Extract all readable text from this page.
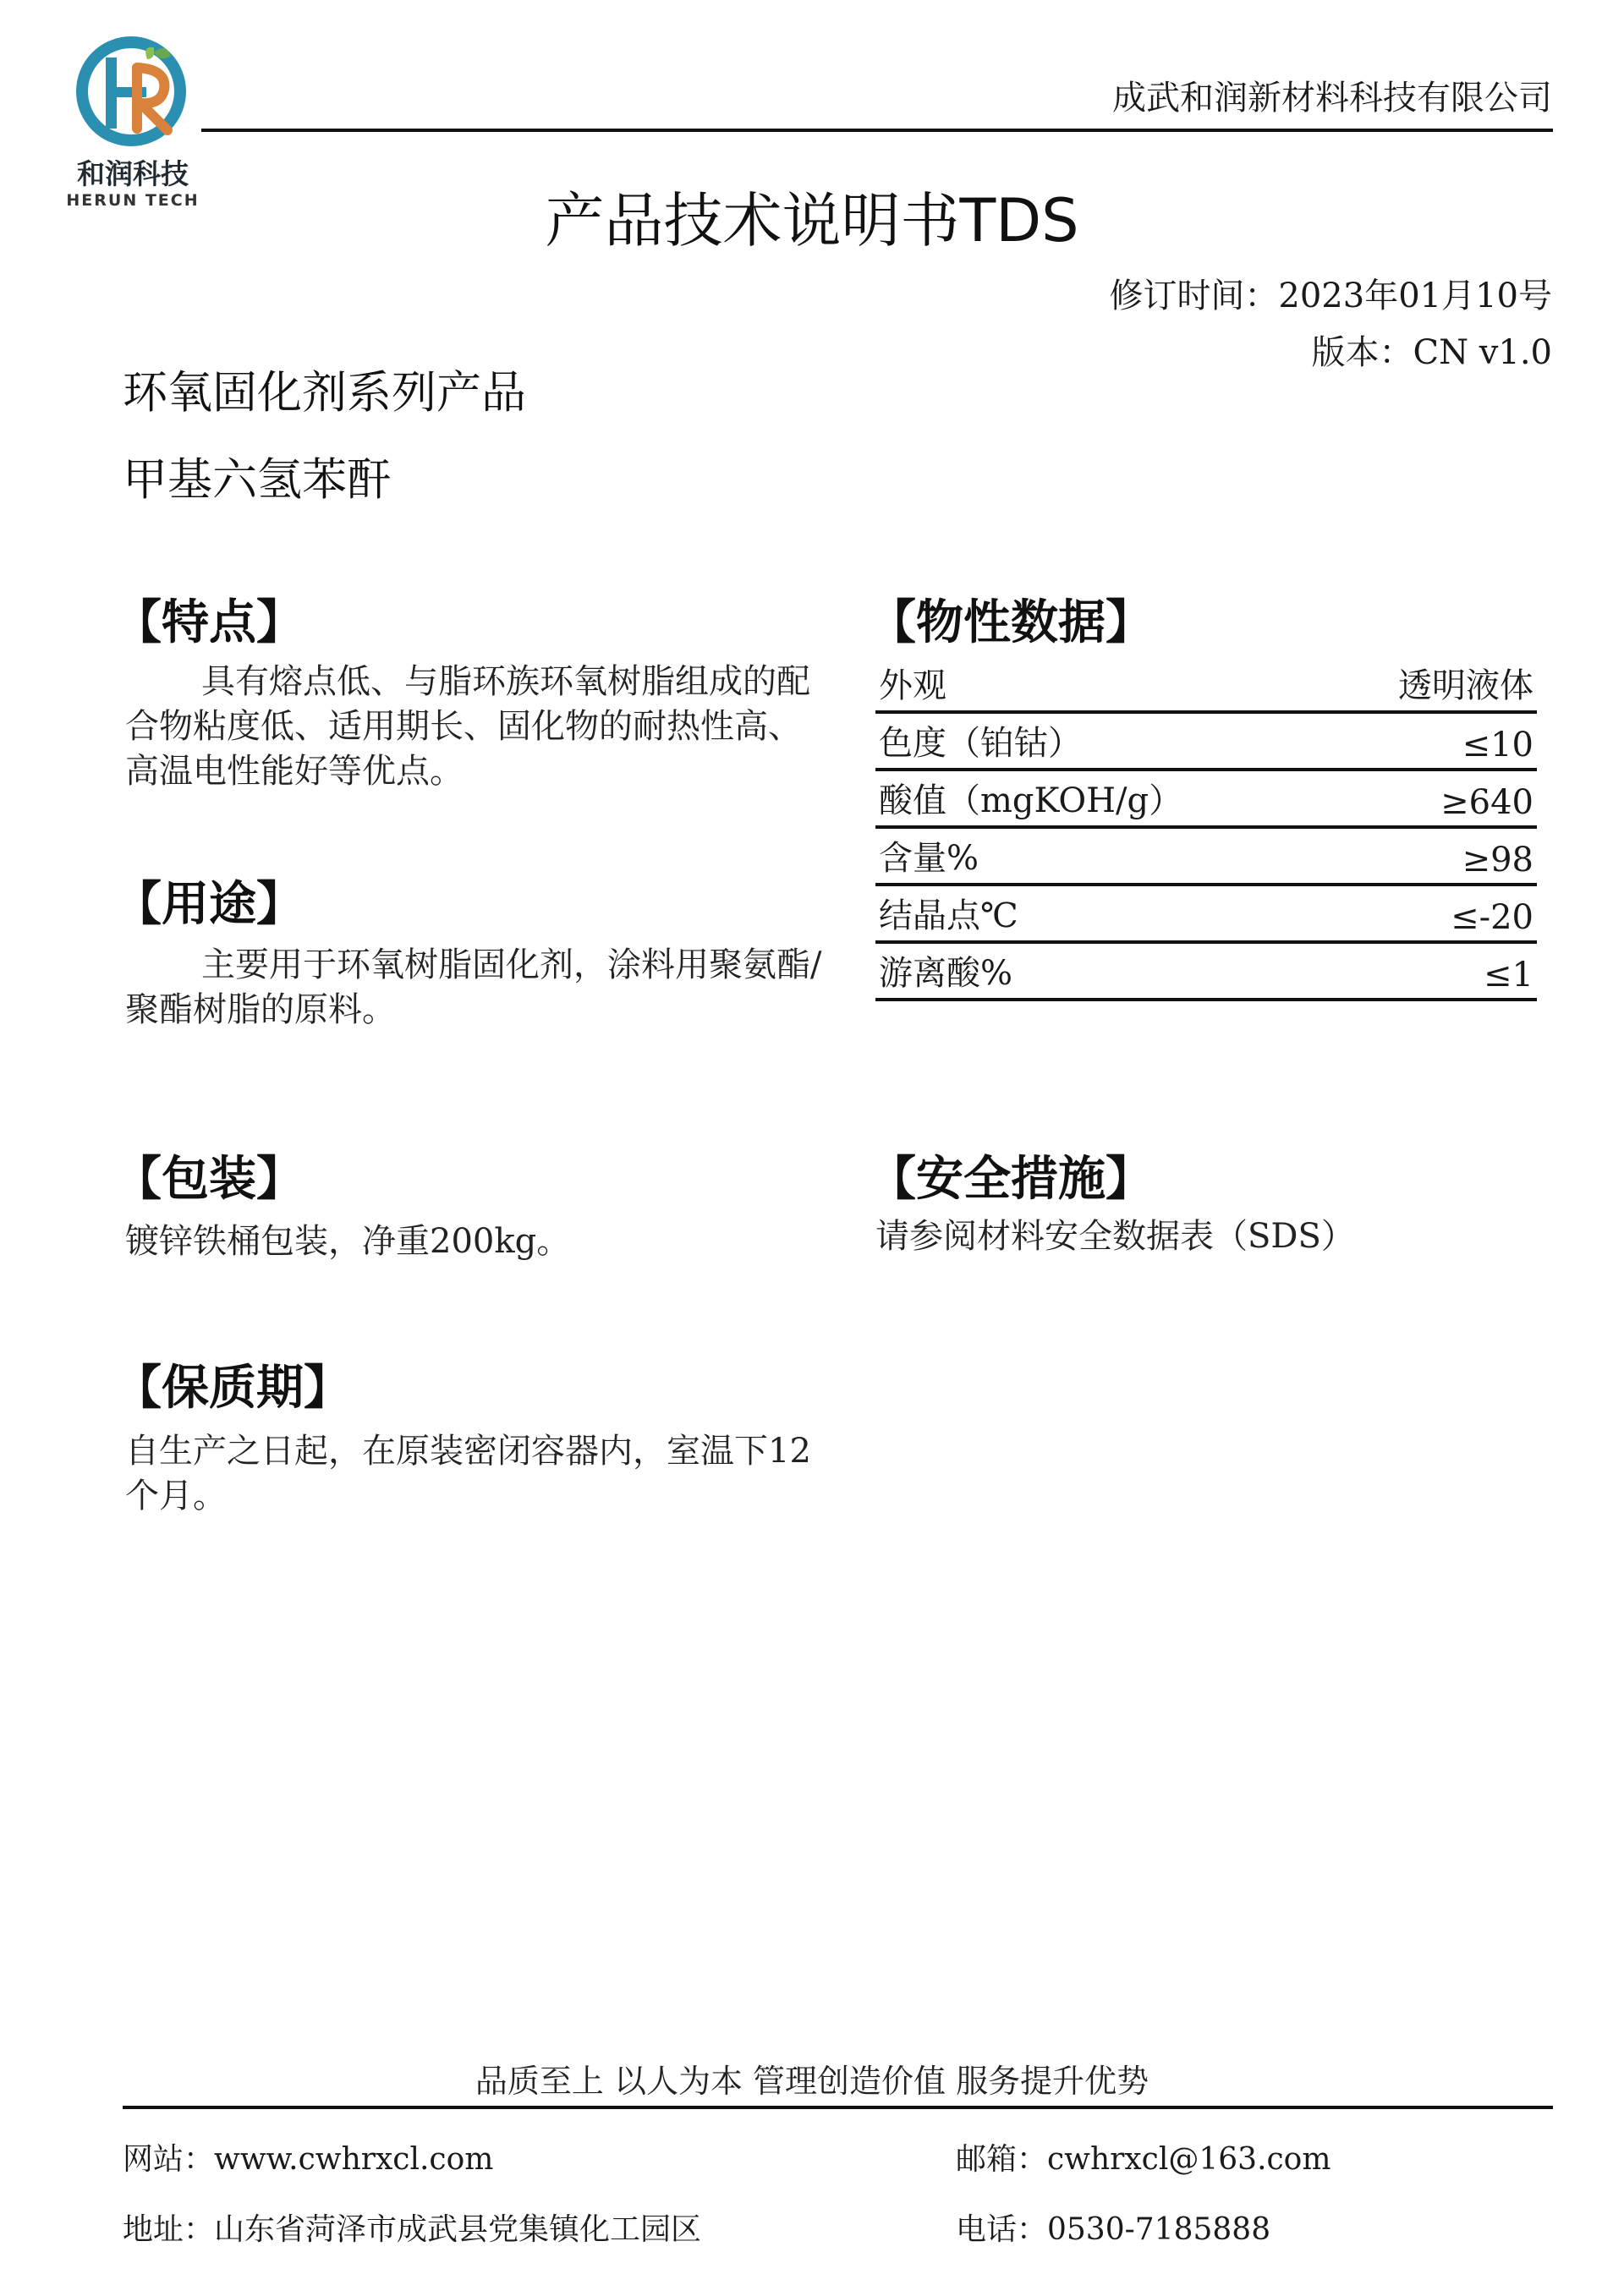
和润科技
HERUN TECH
成武和润新材料科技有限公司
产品技术说明书TDS
修订时间：2023年01月10号
版本：CN v1.0
环氧固化剂系列产品
甲基六氢苯酐
【特点】
具有熔点低、与脂环族环氧树脂组成的配合物粘度低、适用期长、固化物的耐热性高、高温电性能好等优点。
【用途】
主要用于环氧树脂固化剂，涂料用聚氨酯/聚酯树脂的原料。
【包装】
镀锌铁桶包装，净重200kg。
【保质期】
自生产之日起，在原装密闭容器内，室温下12个月。
【物性数据】
外观	透明液体
色度（铂钴）	≤10
酸值（mgKOH/g）	≥640
含量%	≥98
结晶点℃	≤-20
游离酸%	≤1
【安全措施】
请参阅材料安全数据表（SDS）
品质至上 以人为本 管理创造价值 服务提升优势
网站：www.cwhrxcl.com	邮箱：cwhrxcl@163.com
地址：山东省菏泽市成武县党集镇化工园区	电话：0530-7185888
